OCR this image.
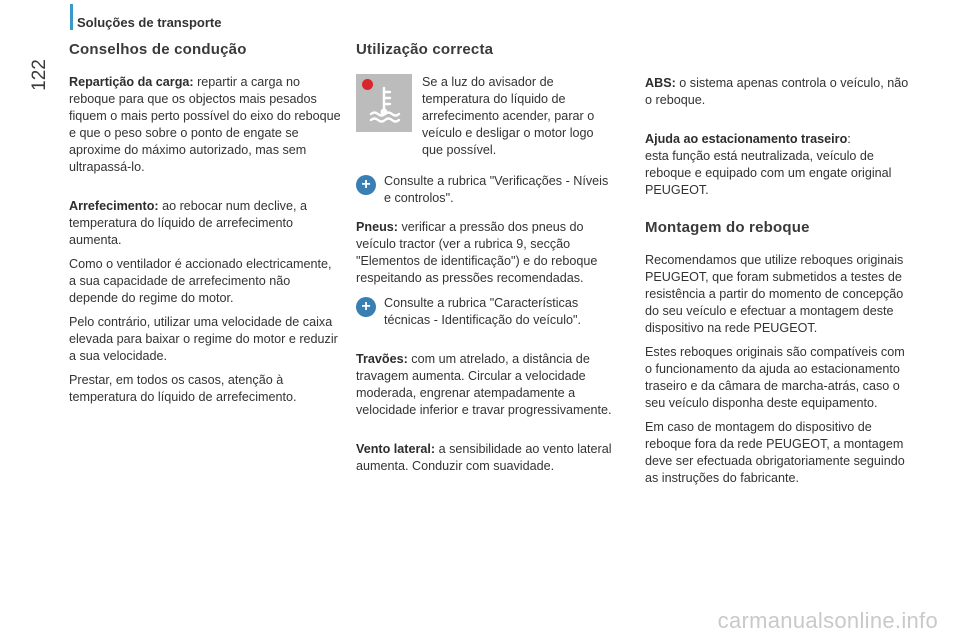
Soluções de transporte
122
Conselhos de condução

Repartição da carga: repartir a carga no reboque para que os objectos mais pesados fiquem o mais perto possível do eixo do reboque e que o peso sobre o ponto de engate se aproxime do máximo autorizado, mas sem ultrapassá-lo.

Arrefecimento: ao rebocar num declive, a temperatura do líquido de arrefecimento aumenta.

Como o ventilador é accionado electricamente, a sua capacidade de arrefecimento não depende do regime do motor.

Pelo contrário, utilizar uma velocidade de caixa elevada para baixar o regime do motor e reduzir a sua velocidade.

Prestar, em todos os casos, atenção à temperatura do líquido de arrefecimento.

Utilização correcta

Se a luz do avisador de temperatura do líquido de arrefecimento acender, parar o veículo e desligar o motor logo que possível.

+	Consulte a rubrica "Verificações - Níveis e controlos".

Pneus: verificar a pressão dos pneus do veículo tractor (ver a rubrica 9, secção "Elementos de identificação") e do reboque respeitando as pressões recomendadas.

+	Consulte a rubrica "Características técnicas - Identificação do veículo".

Travões: com um atrelado, a distância de travagem aumenta. Circular a velocidade moderada, engrenar atempadamente a velocidade inferior e travar progressivamente.

Vento lateral: a sensibilidade ao vento lateral aumenta. Conduzir com suavidade.

ABS: o sistema apenas controla o veículo, não o reboque.

Ajuda ao estacionamento traseiro:
esta função está neutralizada, veículo de reboque e equipado com um engate original PEUGEOT.

Montagem do reboque

Recomendamos que utilize reboques originais PEUGEOT, que foram submetidos a testes de resistência a partir do momento de concepção do seu veículo e efectuar a montagem deste dispositivo na rede PEUGEOT.

Estes reboques originais são compatíveis com o funcionamento da ajuda ao estacionamento traseiro e da câmara de marcha-atrás, caso o seu veículo disponha deste equipamento.

Em caso de montagem do dispositivo de reboque fora da rede PEUGEOT, a montagem deve ser efectuada obrigatoriamente seguindo as instruções do fabricante.

carmanualsonline.info
